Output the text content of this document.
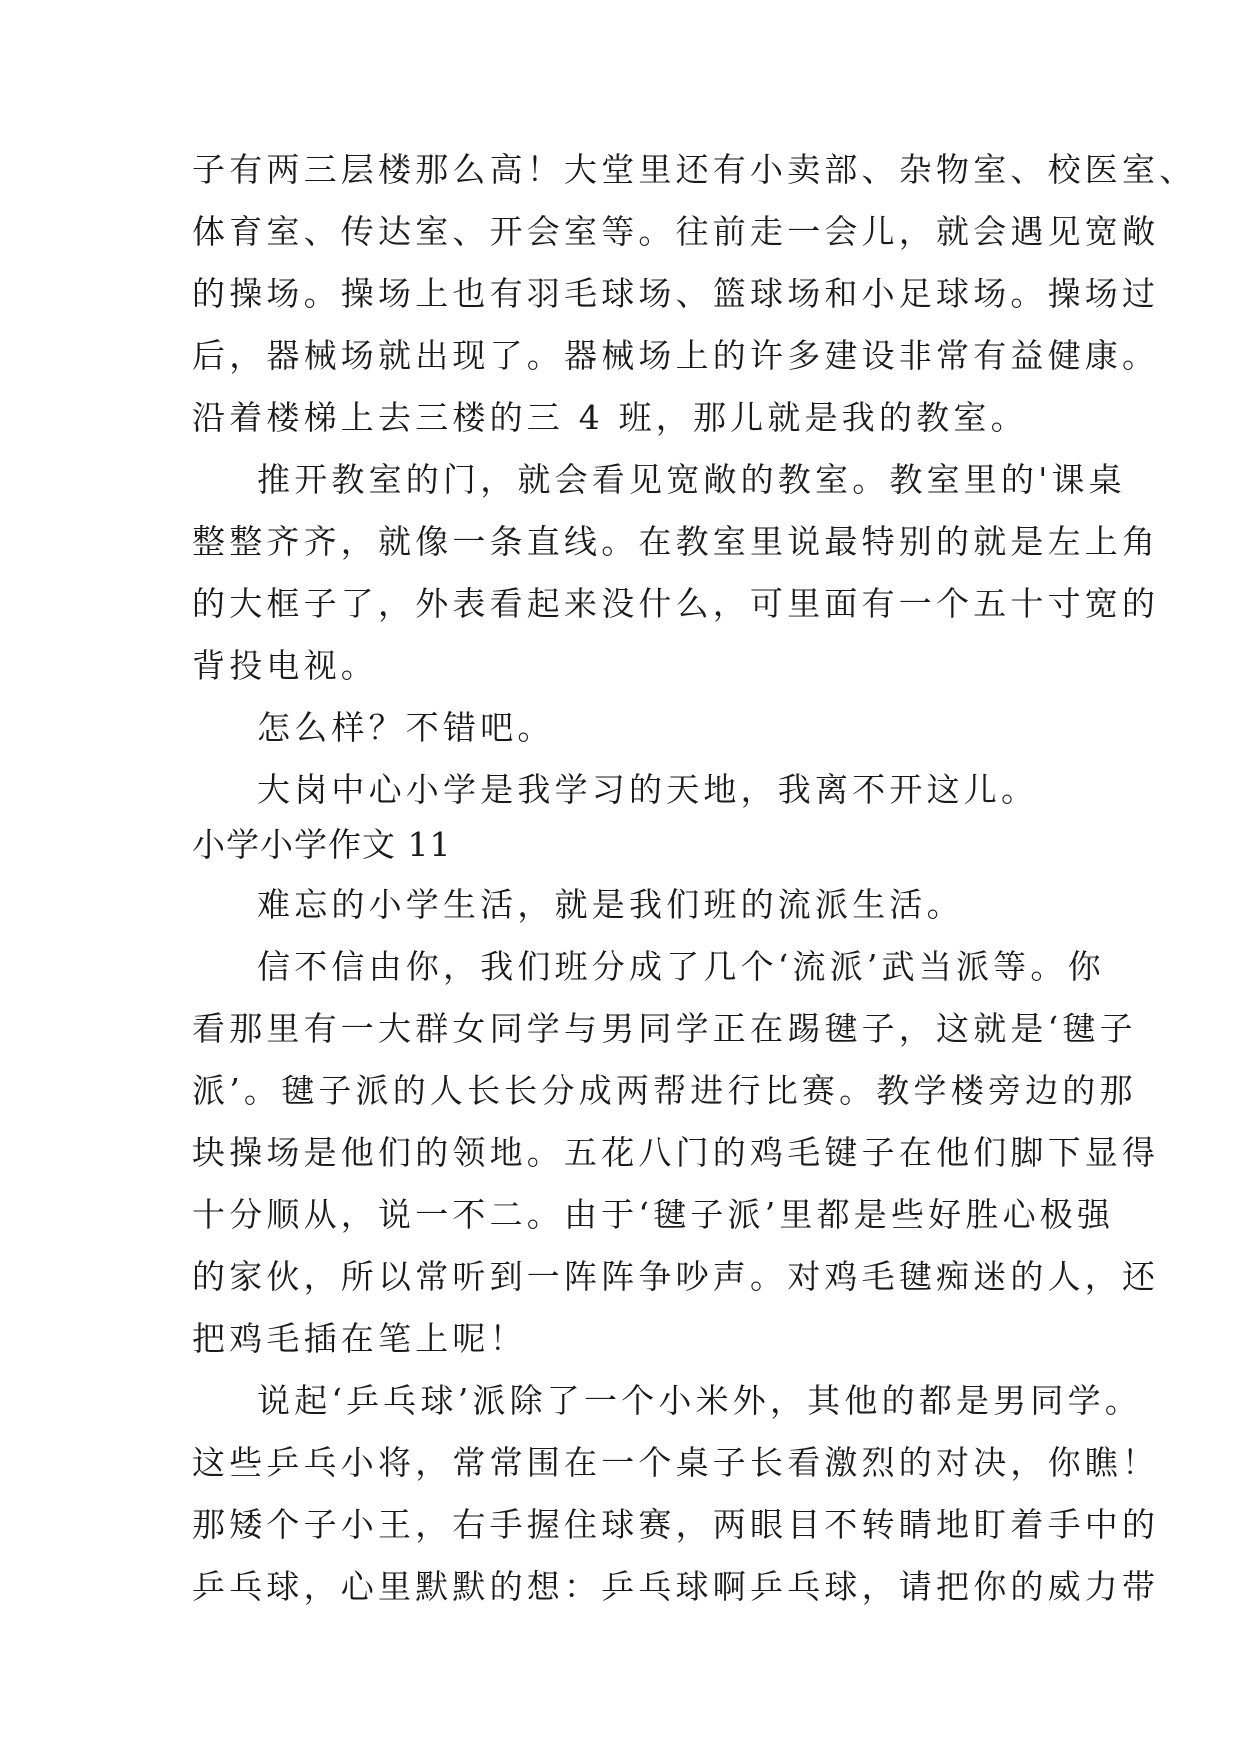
子有两三层楼那么高！大堂里还有小卖部、杂物室、校医室、
体育室、传达室、开会室等。往前走一会儿，就会遇见宽敞
的操场。操场上也有羽毛球场、篮球场和小足球场。操场过
后，器械场就出现了。器械场上的许多建设非常有益健康。
沿着楼梯上去三楼的三 4 班，那儿就是我的教室。
推开教室的门，就会看见宽敞的教室。教室里的'课桌
整整齐齐，就像一条直线。在教室里说最特别的就是左上角
的大框子了，外表看起来没什么，可里面有一个五十寸宽的
背投电视。
怎么样？不错吧。
大岗中心小学是我学习的天地，我离不开这儿。
小学小学作文 11
难忘的小学生活，就是我们班的流派生活。
信不信由你，我们班分成了几个‘流派’武当派等。你
看那里有一大群女同学与男同学正在踢毽子，这就是‘毽子
派’。毽子派的人长长分成两帮进行比赛。教学楼旁边的那
块操场是他们的领地。五花八门的鸡毛键子在他们脚下显得
十分顺从，说一不二。由于‘毽子派’里都是些好胜心极强
的家伙，所以常听到一阵阵争吵声。对鸡毛毽痴迷的人，还
把鸡毛插在笔上呢！
说起‘乒乓球’派除了一个小米外，其他的都是男同学。
这些乒乓小将，常常围在一个桌子长看激烈的对决，你瞧！
那矮个子小王，右手握住球赛，两眼目不转睛地盯着手中的
乒乓球，心里默默的想：乒乓球啊乒乓球，请把你的威力带
